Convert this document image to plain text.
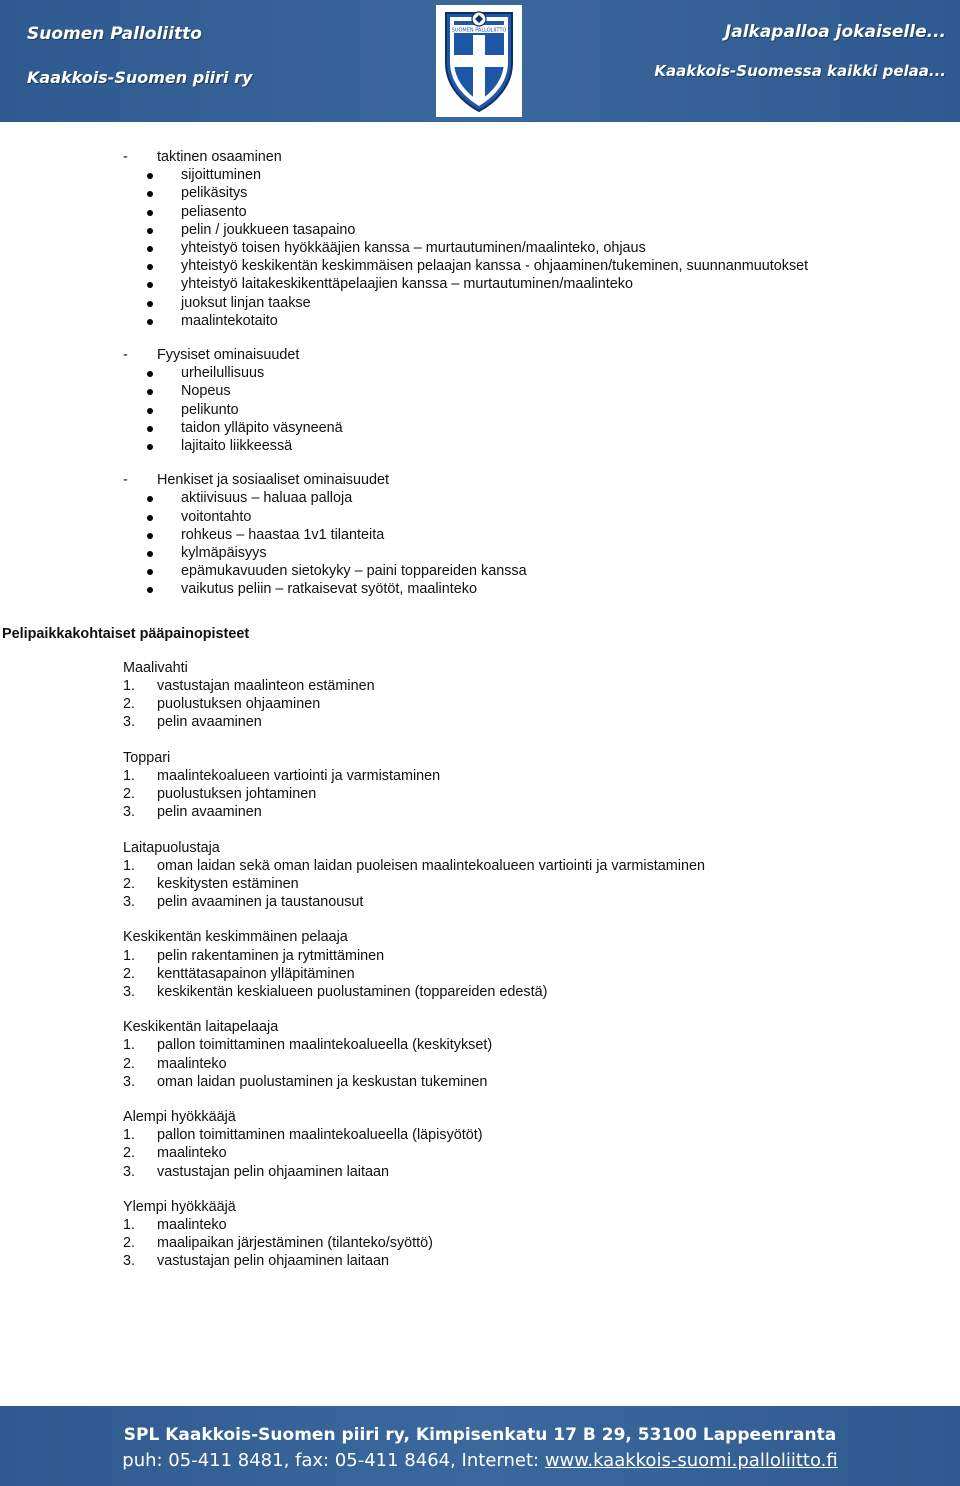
Suomen Palloliitto
Kaakkois-Suomen piiri ry
SUOMEN PALLOLIITTO	Jalkapalloa jokaiselle...
Kaakkois-Suomessa kaikki pelaa...
- taktinen osaaminen
sijoittuminen
pelikäsitys
peliasento
pelin / joukkueen tasapaino
yhteistyö toisen hyökkääjien kanssa – murtautuminen/maalinteko, ohjaus
yhteistyö keskikentän keskimmäisen pelaajan kanssa - ohjaaminen/tukeminen, suunnanmuutokset
yhteistyö laitakeskikenttäpelaajien kanssa – murtautuminen/maalinteko
juoksut linjan taakse
maalintekotaito
- Fyysiset ominaisuudet
urheilullisuus
Nopeus
pelikunto
taidon ylläpito väsyneenä
lajitaito liikkeessä
- Henkiset ja sosiaaliset ominaisuudet
aktiivisuus – haluaa palloja
voitontahto
rohkeus – haastaa 1v1 tilanteita
kylmäpäisyys
epämukavuuden sietokyky – paini toppareiden kanssa
vaikutus peliin – ratkaisevat syötöt, maalinteko
Pelipaikkakohtaiset pääpainopisteet
Maalivahti
1. vastustajan maalinteon estäminen
2. puolustuksen ohjaaminen
3. pelin avaaminen
Toppari
1. maalintekoalueen vartiointi ja varmistaminen
2. puolustuksen johtaminen
3. pelin avaaminen
Laitapuolustaja
1. oman laidan sekä oman laidan puoleisen maalintekoalueen vartiointi ja varmistaminen
2. keskitysten estäminen
3. pelin avaaminen ja taustanousut
Keskikentän keskimmäinen pelaaja
1. pelin rakentaminen ja rytmittäminen
2. kenttätasapainon ylläpitäminen
3. keskikentän keskialueen puolustaminen (toppareiden edestä)
Keskikentän laitapelaaja
1. pallon toimittaminen maalintekoalueella (keskitykset)
2. maalinteko
3. oman laidan puolustaminen ja keskustan tukeminen
Alempi hyökkääjä
1. pallon toimittaminen maalintekoalueella (läpisyötöt)
2. maalinteko
3. vastustajan pelin ohjaaminen laitaan
Ylempi hyökkääjä
1. maalinteko
2. maalipaikan järjestäminen (tilanteko/syöttö)
3. vastustajan pelin ohjaaminen laitaan
SPL Kaakkois-Suomen piiri ry, Kimpisenkatu 17 B 29, 53100 Lappeenranta
puh: 05-411 8481, fax: 05-411 8464, Internet: www.kaakkois-suomi.palloliitto.fi
